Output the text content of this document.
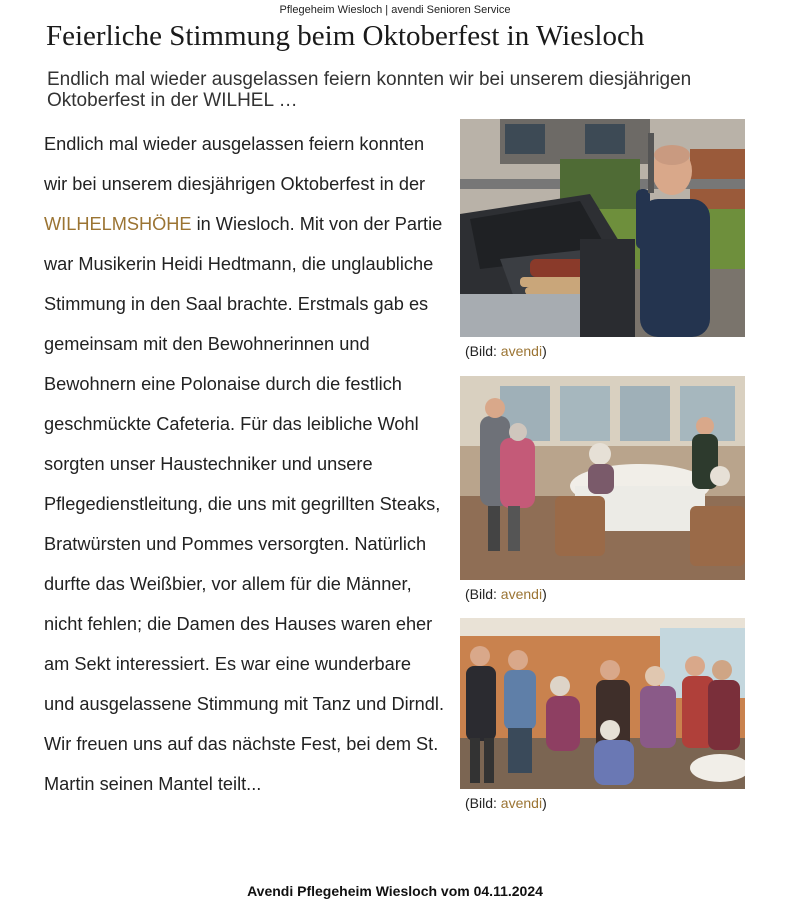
Pflegeheim Wiesloch | avendi Senioren Service
Feierliche Stimmung beim Oktoberfest in Wiesloch

Endlich mal wieder ausgelassen feiern konnten wir bei unserem diesjährigen Oktoberfest in der WILHEL …

Endlich mal wieder ausgelassen feiern konnten wir bei unserem diesjährigen Oktoberfest in der WILHELMSHÖHE in Wiesloch. Mit von der Partie war Musikerin Heidi Hedtmann, die unglaubliche Stimmung in den Saal brachte. Erstmals gab es gemeinsam mit den Bewohnerinnen und Bewohnern eine Polonaise durch die festlich geschmückte Cafeteria. Für das leibliche Wohl sorgten unser Haustechniker und unsere Pflegedienstleitung, die uns mit gegrillten Steaks, Bratwürsten und Pommes versorgten. Natürlich durfte das Weißbier, vor allem für die Männer, nicht fehlen; die Damen des Hauses waren eher am Sekt interessiert. Es war eine wunderbare und ausgelassene Stimmung mit Tanz und Dirndl. Wir freuen uns auf das nächste Fest, bei dem St. Martin seinen Mantel teilt...

(Bild: avendi)
(Bild: avendi)
(Bild: avendi)
Avendi Pflegeheim Wiesloch vom 04.11.2024
